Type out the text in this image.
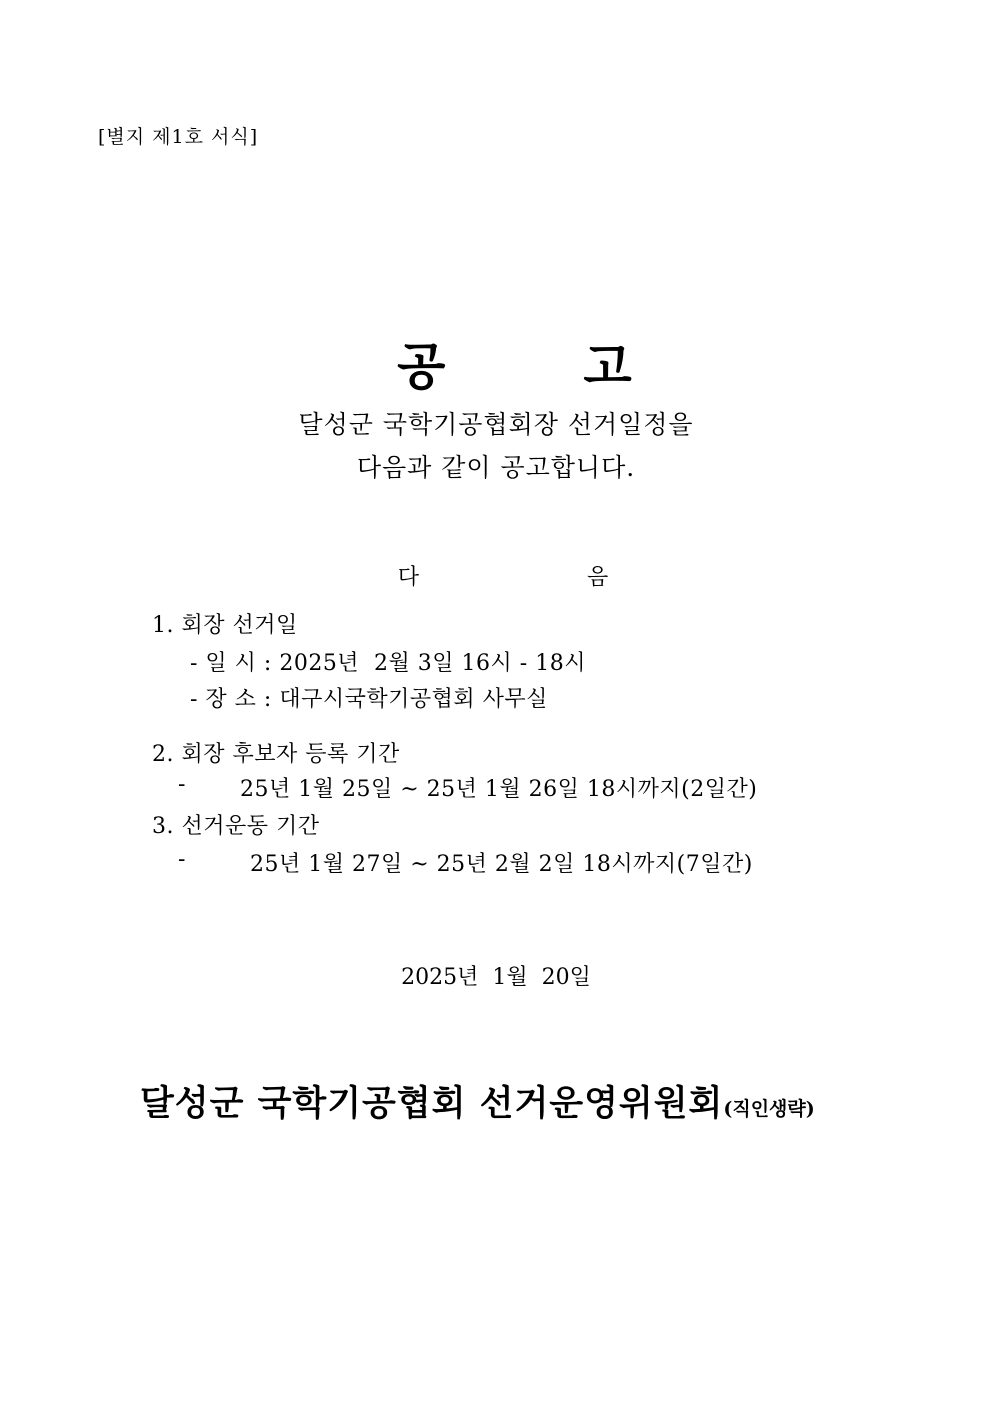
[별지 제1호 서식]

공	고

달성군 국학기공협회장 선거일정을
다음과 같이 공고합니다.

다	음

1. 회장 선거일
- 일 시 : 2025년  2월 3일 16시 - 18시
- 장 소 : 대구시국학기공협회 사무실
2. 회장 후보자 등록 기간
- 25년 1월 25일 ~ 25년 1월 26일 18시까지(2일간)
3. 선거운동 기간
-	25년 1월 27일 ~ 25년 2월 2일 18시까지(7일간)
2025년  1월  20일
달성군 국학기공협회 선거운영위원회(직인생략)
